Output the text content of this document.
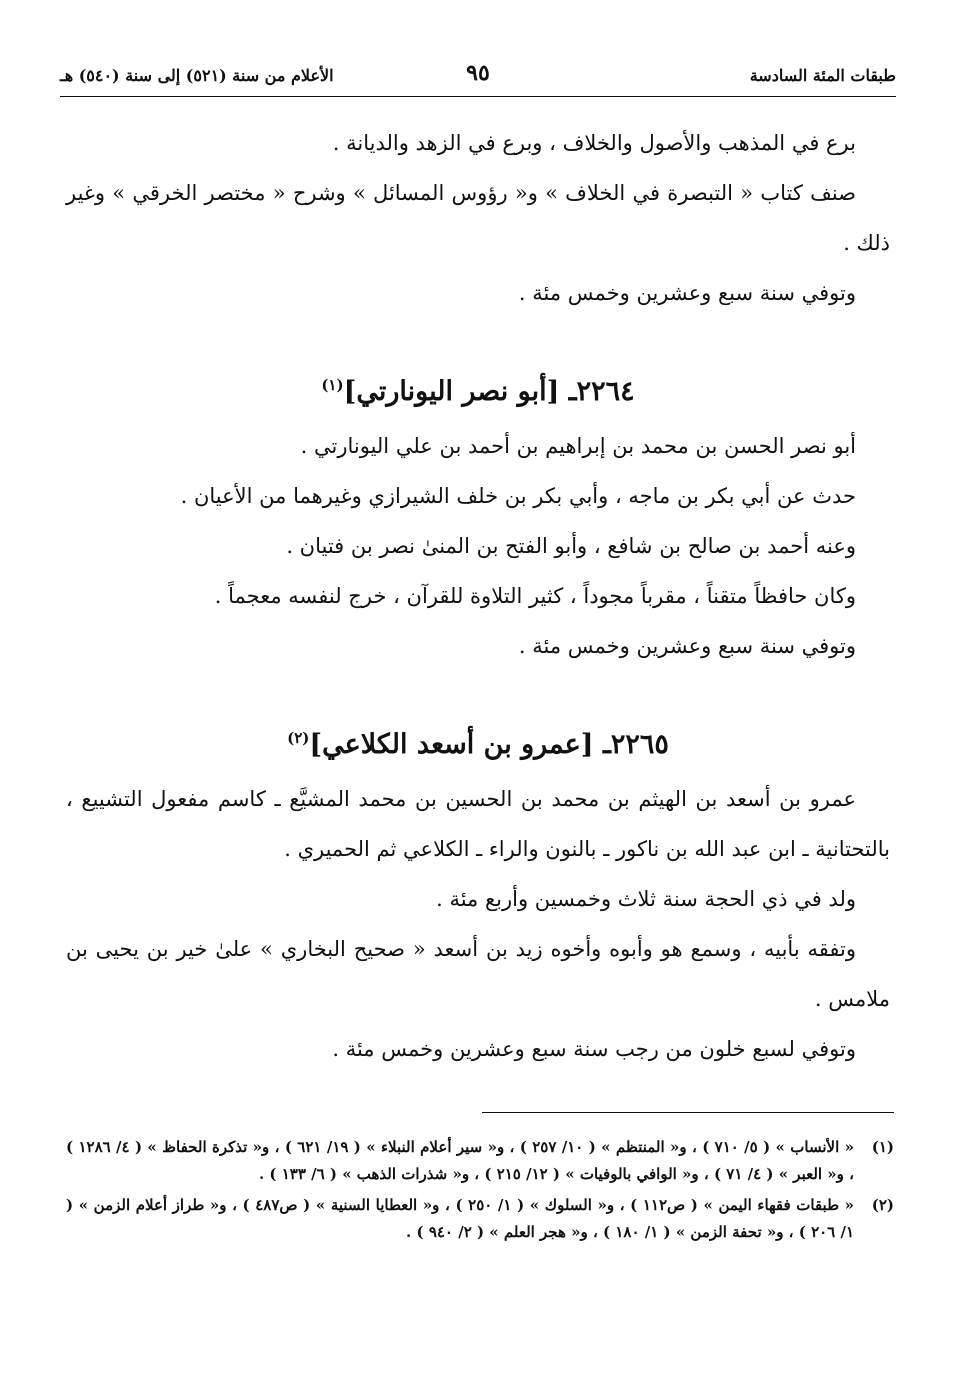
طبقات المئة السادسة
٩٥
الأعلام من سنة (٥٢١) إلى سنة (٥٤٠) هـ

برع في المذهب والأصول والخلاف ، وبرع في الزهد والديانة .

صنف كتاب « التبصرة في الخلاف » و« رؤوس المسائل » وشرح « مختصر الخرقي » وغير ذلك .

وتوفي سنة سبع وعشرين وخمس مئة .

٢٢٦٤ـ [أبو نصر اليونارتي]$^{(١)}$

أبو نصر الحسن بن محمد بن إبراهيم بن أحمد بن علي اليونارتي .

حدث عن أبي بكر بن ماجه ، وأبي بكر بن خلف الشيرازي وغيرهما من الأعيان .

وعنه أحمد بن صالح بن شافع ، وأبو الفتح بن المنىٰ نصر بن فتيان .

وكان حافظاً متقناً ، مقرباً مجوداً ، كثير التلاوة للقرآن ، خرج لنفسه معجماً .

وتوفي سنة سبع وعشرين وخمس مئة .

٢٢٦٥ـ [عمرو بن أسعد الكلاعي]$^{(٢)}$

عمرو بن أسعد بن الهيثم بن محمد بن الحسين بن محمد المشيَّع ـ كاسم مفعول التشييع ، بالتحتانية ـ ابن عبد الله بن ناكور ـ بالنون والراء ـ الكلاعي ثم الحميري .

ولد في ذي الحجة سنة ثلاث وخمسين وأربع مئة .

وتفقه بأبيه ، وسمع هو وأبوه وأخوه زيد بن أسعد « صحيح البخاري » علىٰ خير بن يحيى بن ملامس .

وتوفي لسبع خلون من رجب سنة سبع وعشرين وخمس مئة .

(١)
« الأنساب » ( ٥/ ٧١٠ ) ، و« المنتظم » ( ١٠/ ٢٥٧ ) ، و« سير أعلام النبلاء » ( ١٩/ ٦٢١ ) ، و« تذكرة الحفاظ » ( ٤/ ١٢٨٦ ) ، و« العبر » ( ٤/ ٧١ ) ، و« الوافي بالوفيات » ( ١٢/ ٢١٥ ) ، و« شذرات الذهب » ( ٦/ ١٣٣ ) .
(٢)
« طبقات فقهاء اليمن » ( ص١١٢ ) ، و« السلوك » ( ١/ ٢٥٠ ) ، و« العطايا السنية » ( ص٤٨٧ ) ، و« طراز أعلام الزمن » ( ١/ ٢٠٦ ) ، و« تحفة الزمن » ( ١/ ١٨٠ ) ، و« هجر العلم » ( ٢/ ٩٤٠ ) .
